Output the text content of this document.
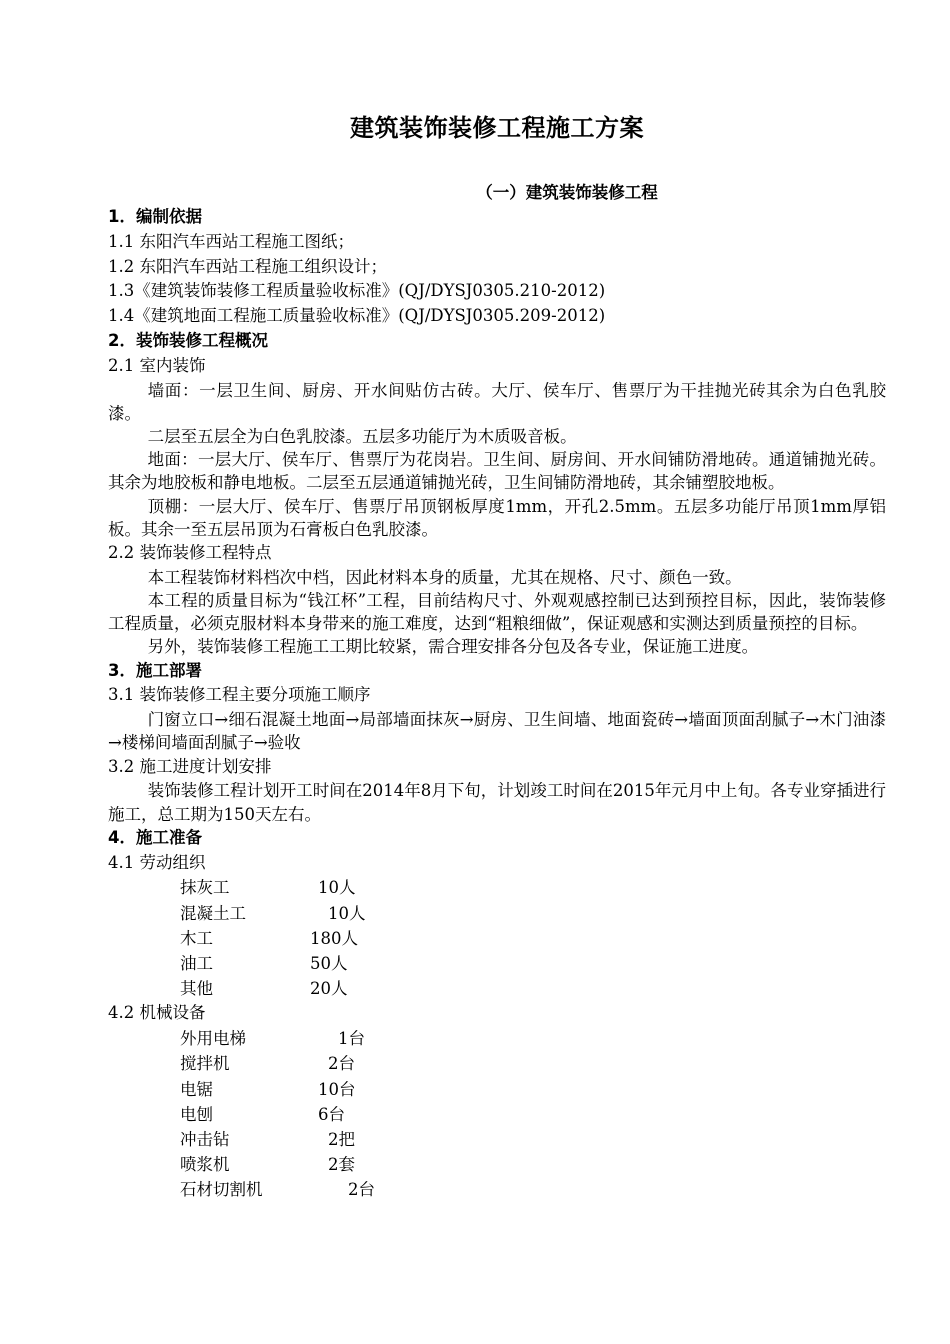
建筑装饰装修工程施工方案
（一）建筑装饰装修工程
1．编制依据
1.1 东阳汽车西站工程施工图纸；
1.2 东阳汽车西站工程施工组织设计；
1.3《建筑装饰装修工程质量验收标准》(QJ/DYSJ0305.210-2012)
1.4《建筑地面工程施工质量验收标准》(QJ/DYSJ0305.209-2012)
2．装饰装修工程概况
2.1 室内装饰

墙面：一层卫生间、厨房、开水间贴仿古砖。大厅、侯车厅、售票厅为干挂抛光砖其余为白色乳胶漆。

二层至五层全为白色乳胶漆。五层多功能厅为木质吸音板。

地面：一层大厅、侯车厅、售票厅为花岗岩。卫生间、厨房间、开水间铺防滑地砖。通道铺抛光砖。其余为地胶板和静电地板。二层至五层通道铺抛光砖，卫生间铺防滑地砖，其余铺塑胶地板。

顶棚：一层大厅、侯车厅、售票厅吊顶钢板厚度1mm，开孔2.5mm。五层多功能厅吊顶1mm厚铝板。其余一至五层吊顶为石膏板白色乳胶漆。

2.2 装饰装修工程特点

本工程装饰材料档次中档，因此材料本身的质量，尤其在规格、尺寸、颜色一致。

本工程的质量目标为“钱江杯”工程，目前结构尺寸、外观观感控制已达到预控目标，因此，装饰装修工程质量，必须克服材料本身带来的施工难度，达到“粗粮细做”，保证观感和实测达到质量预控的目标。

另外，装饰装修工程施工工期比较紧，需合理安排各分包及各专业，保证施工进度。

3．施工部署
3.1 装饰装修工程主要分项施工顺序

门窗立口→细石混凝土地面→局部墙面抹灰→厨房、卫生间墙、地面瓷砖→墙面顶面刮腻子→木门油漆→楼梯间墙面刮腻子→验收

3.2 施工进度计划安排

装饰装修工程计划开工时间在2014年8月下旬，计划竣工时间在2015年元月中上旬。各专业穿插进行施工，总工期为150天左右。

4．施工准备
4.1 劳动组织
抹灰工	10人
混凝土工	10人
木工	180人
油工	50人
其他	20人
4.2 机械设备
外用电梯	1台
搅拌机	2台
电锯	10台
电刨	6台
冲击钻	2把
喷浆机	2套
石材切割机	2台
